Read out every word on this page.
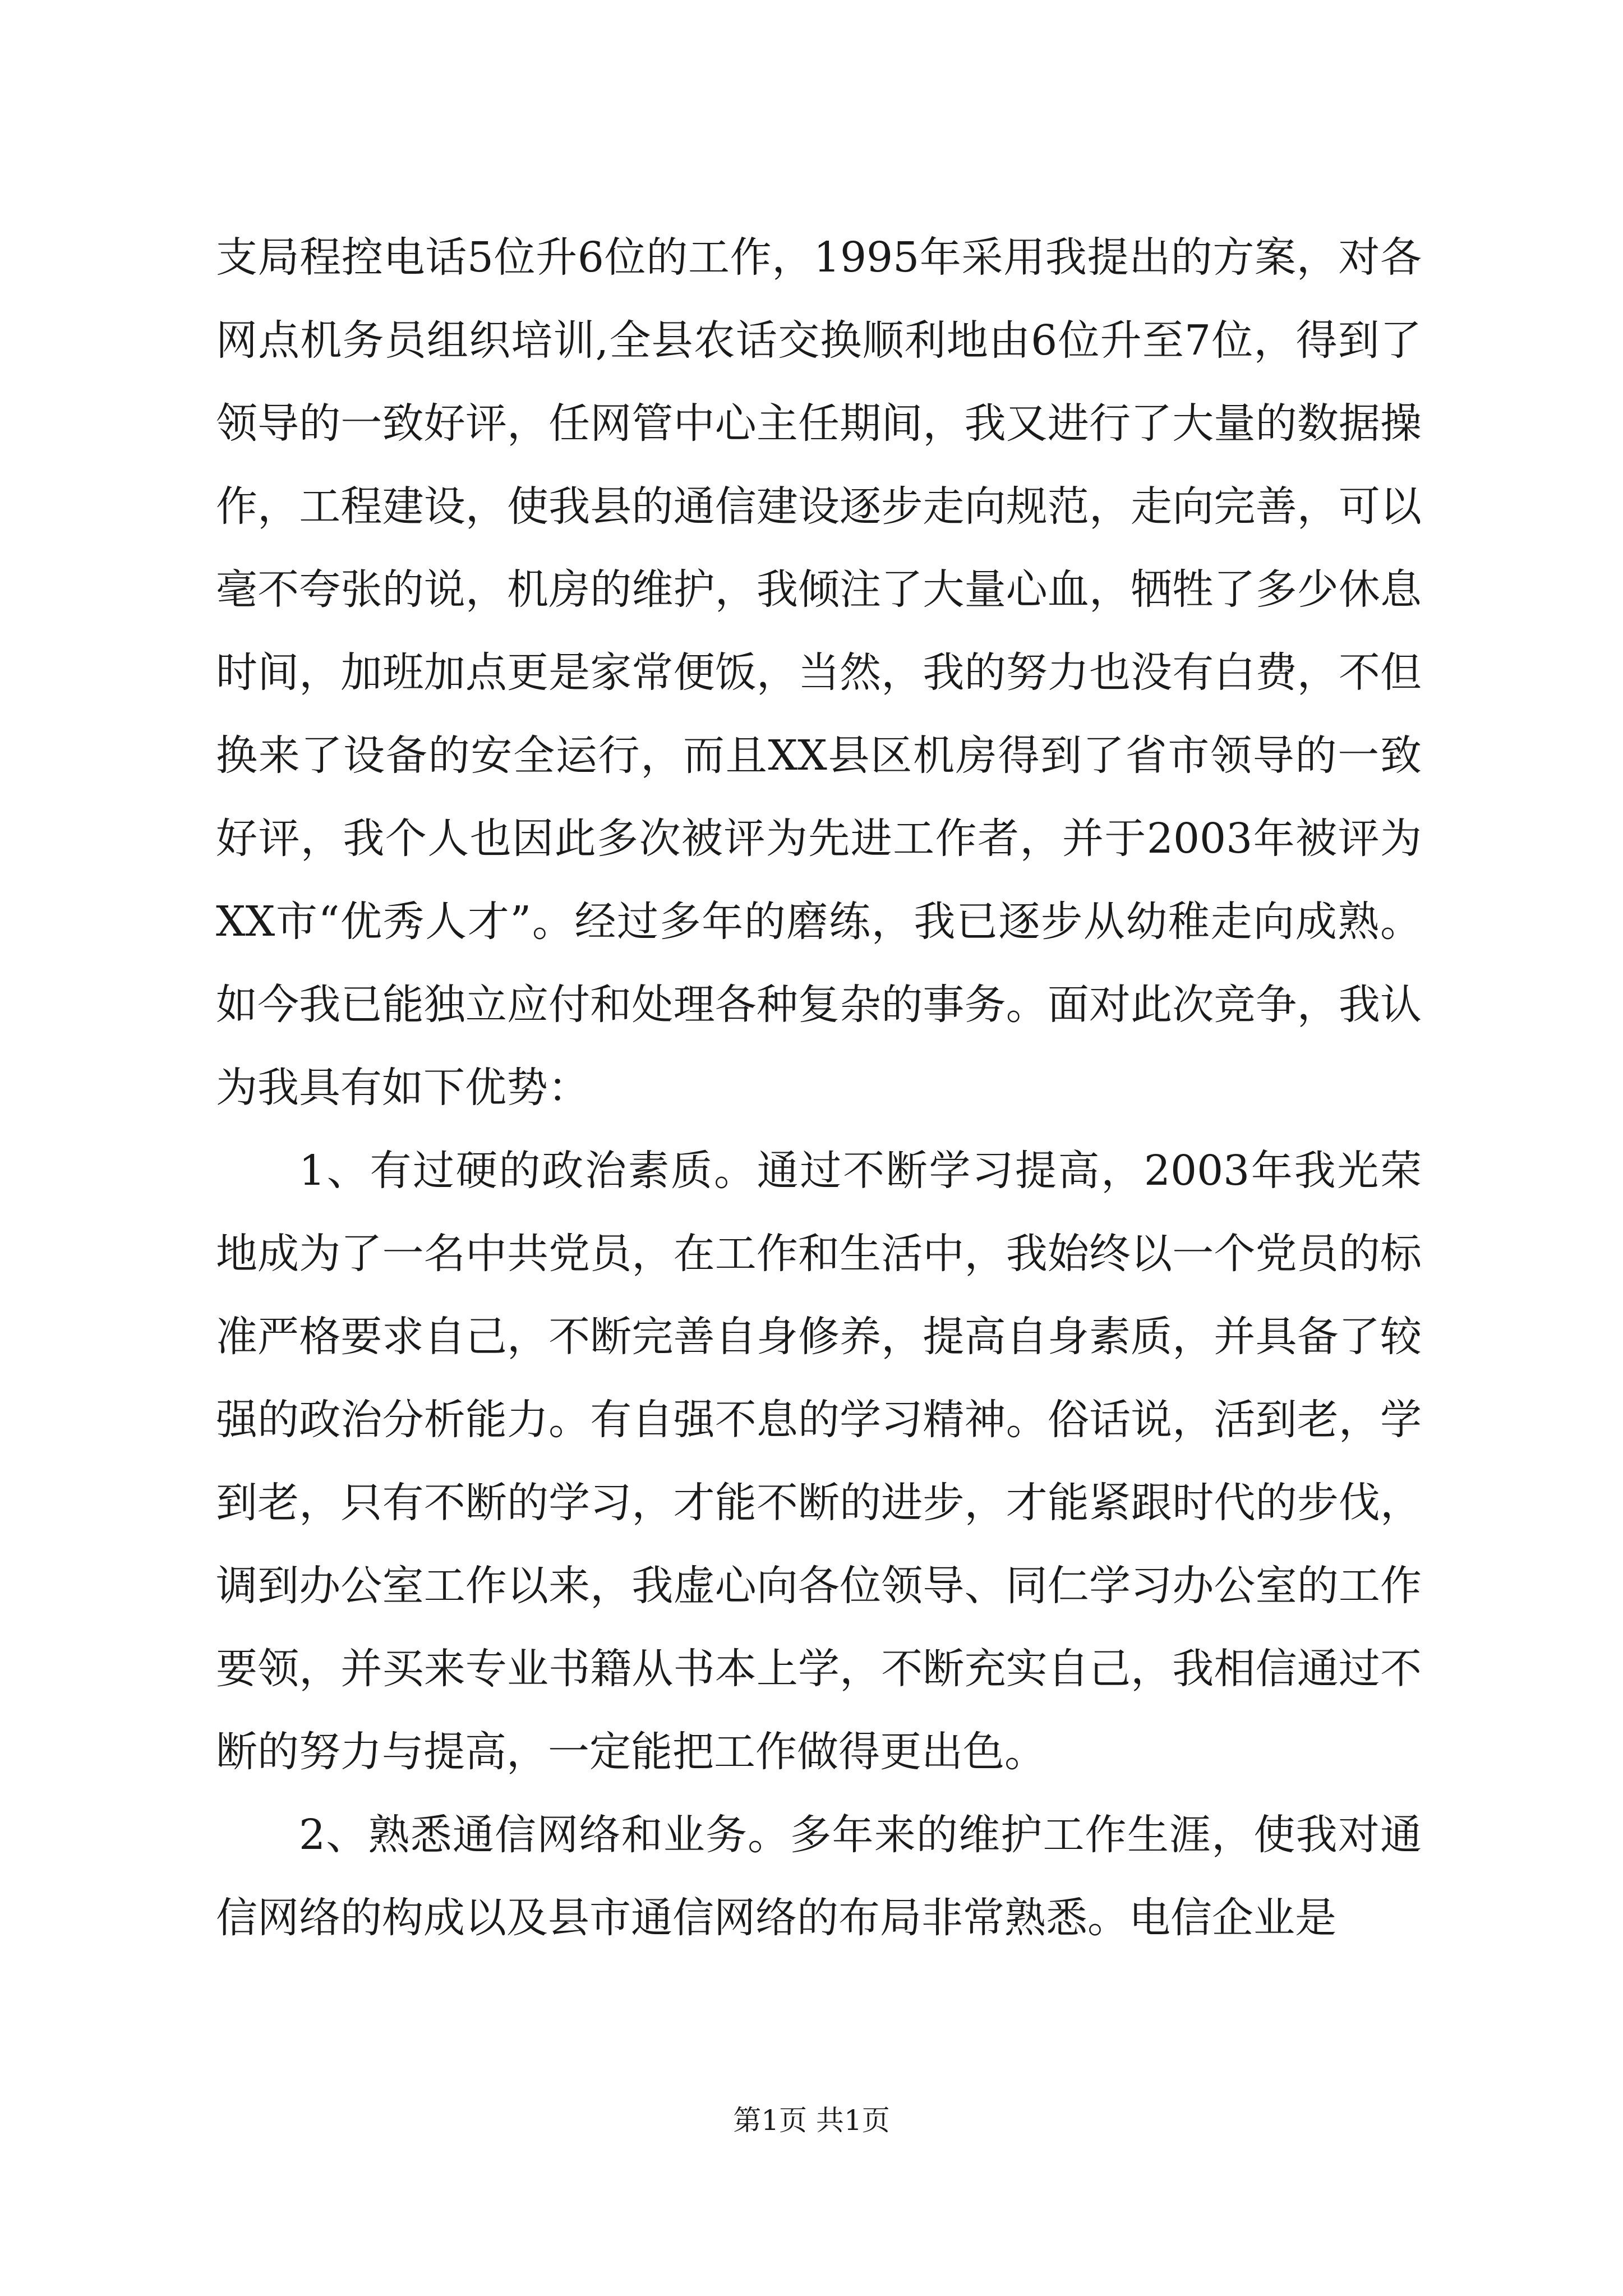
支局程控电话5位升6位的工作，1995年采用我提出的方案，对各网点机务员组织培训,全县农话交换顺利地由6位升至7位，得到了领导的一致好评，任网管中心主任期间，我又进行了大量的数据操作，工程建设，使我县的通信建设逐步走向规范，走向完善，可以毫不夸张的说，机房的维护，我倾注了大量心血，牺牲了多少休息时间，加班加点更是家常便饭，当然，我的努力也没有白费，不但换来了设备的安全运行，而且XX县区机房得到了省市领导的一致好评，我个人也因此多次被评为先进工作者，并于2003年被评为XX市“优秀人才”。经过多年的磨练，我已逐步从幼稚走向成熟。如今我已能独立应付和处理各种复杂的事务。面对此次竞争，我认为我具有如下优势：

1、有过硬的政治素质。通过不断学习提高，2003年我光荣地成为了一名中共党员，在工作和生活中，我始终以一个党员的标准严格要求自己，不断完善自身修养，提高自身素质，并具备了较强的政治分析能力。有自强不息的学习精神。俗话说，活到老，学到老，只有不断的学习，才能不断的进步，才能紧跟时代的步伐，调到办公室工作以来，我虚心向各位领导、同仁学习办公室的工作要领，并买来专业书籍从书本上学，不断充实自己，我相信通过不断的努力与提高，一定能把工作做得更出色。

2、熟悉通信网络和业务。多年来的维护工作生涯，使我对通信网络的构成以及县市通信网络的布局非常熟悉。电信企业是

第1页 共1页
